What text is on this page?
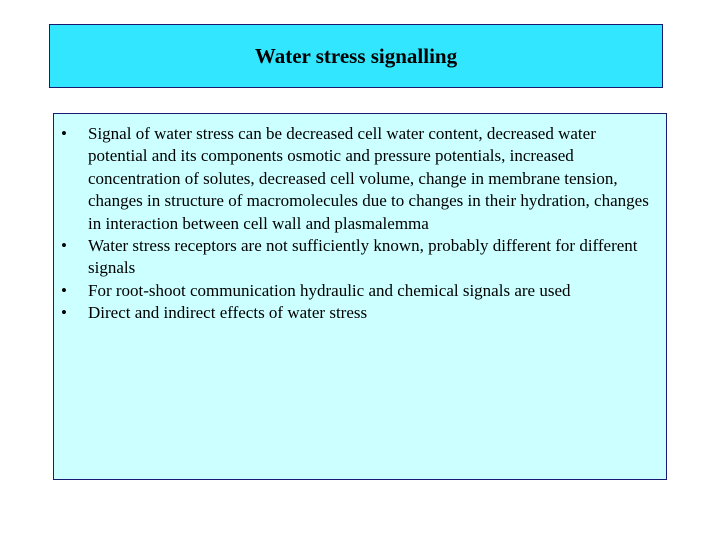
Water stress signalling
• Signal of water stress can be decreased cell water content, decreased water potential and its components osmotic and pressure potentials, increased concentration of solutes, decreased cell volume, change in membrane tension, changes in structure of macromolecules due to changes in their hydration, changes in interaction between cell wall and plasmalemma
• Water stress receptors are not sufficiently known, probably different for different signals
• For root-shoot communication hydraulic and chemical signals are used
• Direct and indirect effects of water stress
